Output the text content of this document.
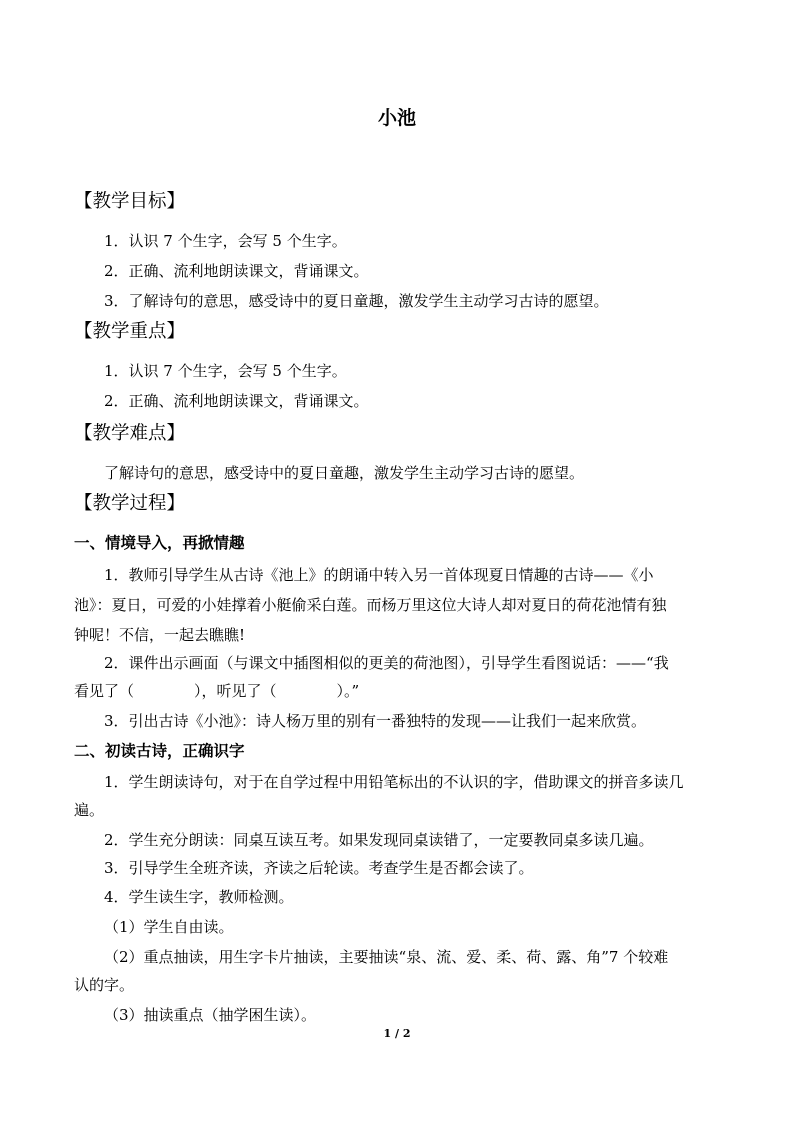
小池
【教学目标】
1．认识 7 个生字，会写 5 个生字。
2．正确、流利地朗读课文，背诵课文。
3．了解诗句的意思，感受诗中的夏日童趣，激发学生主动学习古诗的愿望。
【教学重点】
1．认识 7 个生字，会写 5 个生字。
2．正确、流利地朗读课文，背诵课文。
【教学难点】
了解诗句的意思，感受诗中的夏日童趣，激发学生主动学习古诗的愿望。
【教学过程】
一、情境导入，再掀情趣
1．教师引导学生从古诗《池上》的朗诵中转入另一首体现夏日情趣的古诗——《小
池》：夏日，可爱的小娃撑着小艇偷采白莲。而杨万里这位大诗人却对夏日的荷花池情有独
钟呢！不信，一起去瞧瞧!
2．课件出示画面（与课文中插图相似的更美的荷池图），引导学生看图说话：——“我
看见了（　　　　），听见了（　　　　）。”
3．引出古诗《小池》：诗人杨万里的别有一番独特的发现——让我们一起来欣赏。
二、初读古诗，正确识字
1．学生朗读诗句，对于在自学过程中用铅笔标出的不认识的字，借助课文的拼音多读几
遍。
2．学生充分朗读：同桌互读互考。如果发现同桌读错了，一定要教同桌多读几遍。
3．引导学生全班齐读，齐读之后轮读。考查学生是否都会读了。
4．学生读生字，教师检测。
（1）学生自由读。
（2）重点抽读，用生字卡片抽读，主要抽读“泉、流、爱、柔、荷、露、角”7 个较难
认的字。
（3）抽读重点（抽学困生读）。
1 / 2
